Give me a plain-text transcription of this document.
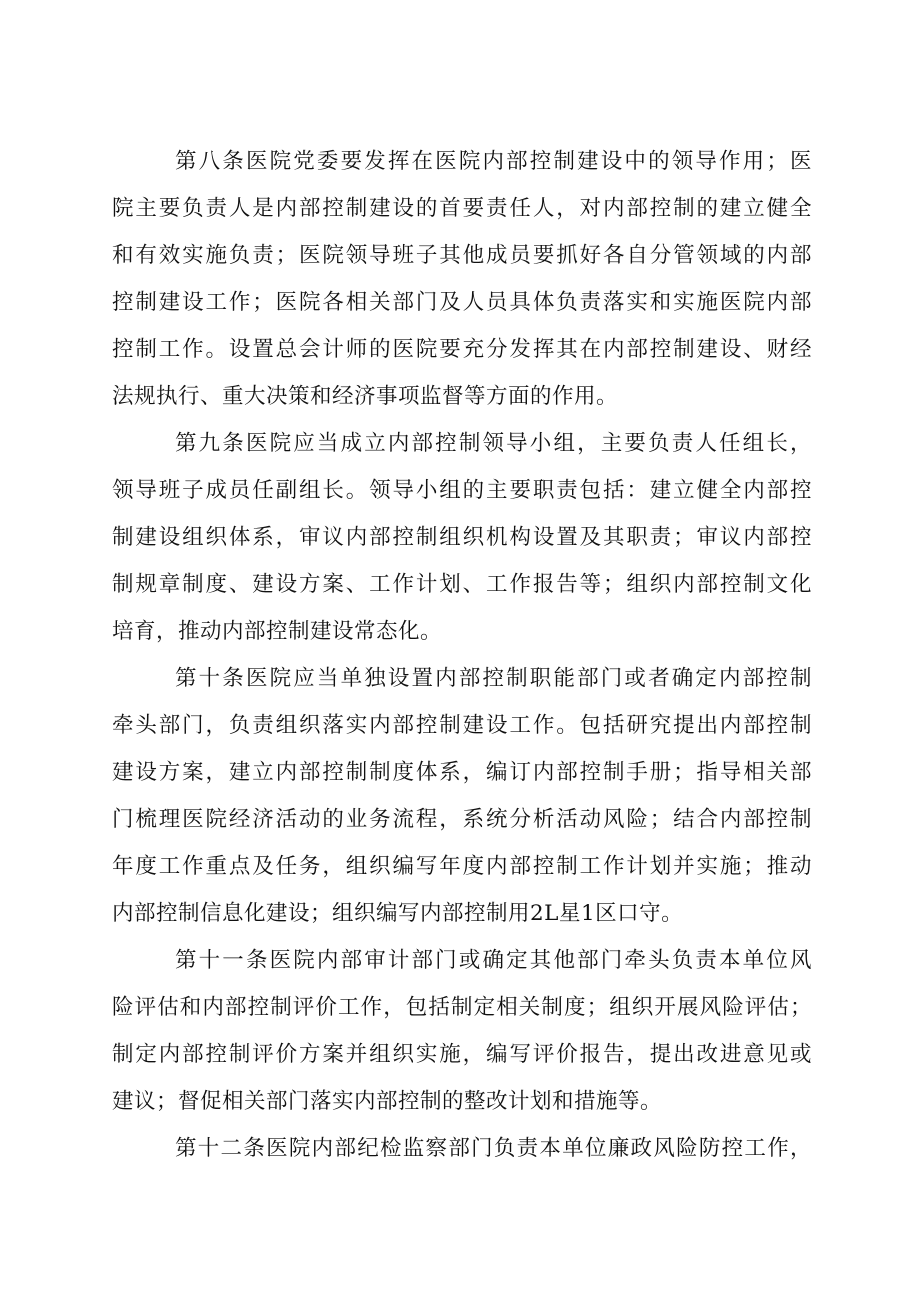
第八条医院党委要发挥在医院内部控制建设中的领导作用；医

院主要负责人是内部控制建设的首要责任人，对内部控制的建立健全

和有效实施负责；医院领导班子其他成员要抓好各自分管领域的内部

控制建设工作；医院各相关部门及人员具体负责落实和实施医院内部

控制工作。设置总会计师的医院要充分发挥其在内部控制建设、财经

法规执行、重大决策和经济事项监督等方面的作用。

第九条医院应当成立内部控制领导小组，主要负责人任组长，

领导班子成员任副组长。领导小组的主要职责包括：建立健全内部控

制建设组织体系，审议内部控制组织机构设置及其职责；审议内部控

制规章制度、建设方案、工作计划、工作报告等；组织内部控制文化

培育，推动内部控制建设常态化。

第十条医院应当单独设置内部控制职能部门或者确定内部控制

牵头部门，负责组织落实内部控制建设工作。包括研究提出内部控制

建设方案，建立内部控制制度体系，编订内部控制手册；指导相关部

门梳理医院经济活动的业务流程，系统分析活动风险；结合内部控制

年度工作重点及任务，组织编写年度内部控制工作计划并实施；推动

内部控制信息化建设；组织编写内部控制用2L星1区口守。

第十一条医院内部审计部门或确定其他部门牵头负责本单位风

险评估和内部控制评价工作，包括制定相关制度；组织开展风险评估；

制定内部控制评价方案并组织实施，编写评价报告，提出改进意见或

建议；督促相关部门落实内部控制的整改计划和措施等。

第十二条医院内部纪检监察部门负责本单位廉政风险防控工作，
